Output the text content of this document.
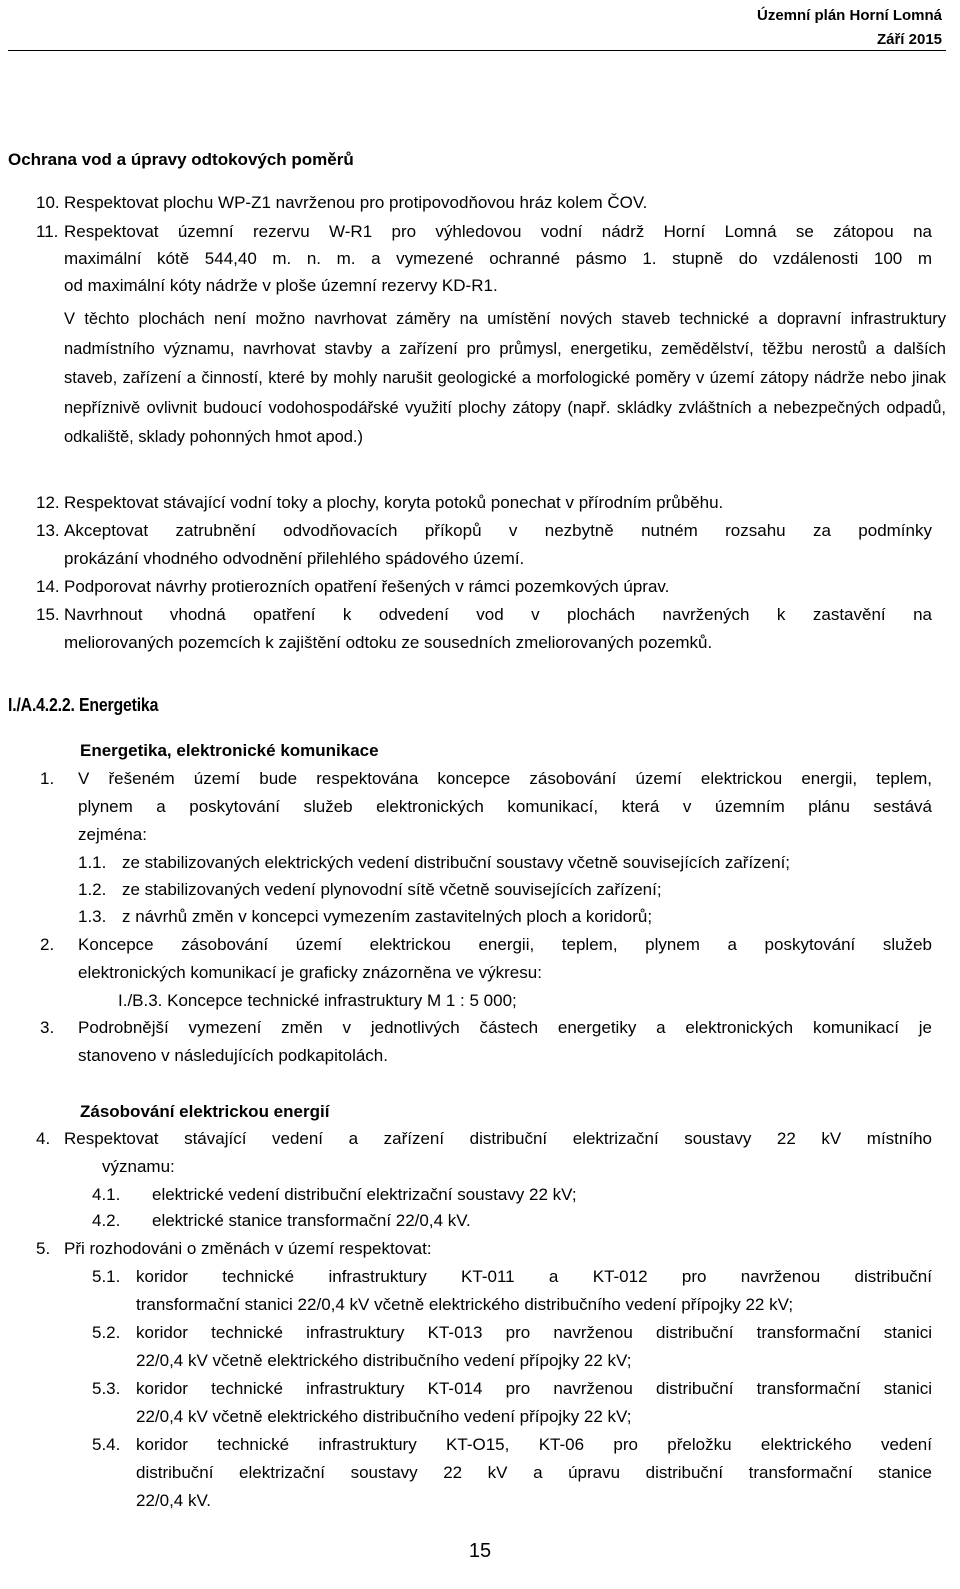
Územní plán Horní Lomná
Září 2015
Ochrana vod a úpravy odtokových poměrů
10. Respektovat plochu WP-Z1 navrženou pro protipovodňovou hráz kolem ČOV.
11. Respektovat územní rezervu W-R1 pro výhledovou vodní nádrž Horní Lomná se zátopou na
maximální kótě 544,40 m. n. m. a vymezené ochranné pásmo 1. stupně do vzdálenosti 100 m
od maximální kóty nádrže v ploše územní rezervy KD-R1.
V těchto plochách není možno navrhovat záměry na umístění nových staveb technické a dopravní infrastruktury nadmístního významu, navrhovat stavby a zařízení pro průmysl, energetiku, zemědělství, těžbu nerostů a dalších staveb, zařízení a činností, které by mohly narušit geologické a morfologické poměry v území zátopy nádrže nebo jinak nepříznivě ovlivnit budoucí vodohospodářské využití plochy zátopy (např. skládky zvláštních a nebezpečných odpadů, odkaliště, sklady pohonných hmot apod.)
12. Respektovat stávající vodní toky a plochy, koryta potoků ponechat v přírodním průběhu.
13. Akceptovat zatrubnění odvodňovacích příkopů v nezbytně nutném rozsahu za podmínky
prokázání vhodného odvodnění přilehlého spádového území.
14. Podporovat návrhy protierozních opatření řešených v rámci pozemkových úprav.
15. Navrhnout vhodná opatření k odvedení vod v plochách navržených k zastavění na
meliorovaných pozemcích k zajištění odtoku ze sousedních zmeliorovaných pozemků.
I./A.4.2.2. Energetika
Energetika, elektronické komunikace
1. V řešeném území bude respektována koncepce zásobování území elektrickou energii, teplem,
plynem a poskytování služeb elektronických komunikací, která v územním plánu sestává
zejména:
1.1. ze stabilizovaných elektrických vedení distribuční soustavy včetně souvisejících zařízení;
1.2. ze stabilizovaných vedení plynovodní sítě včetně souvisejících zařízení;
1.3. z návrhů změn v koncepci vymezením zastavitelných ploch a koridorů;
2. Koncepce zásobování území elektrickou energii, teplem, plynem a poskytování služeb
elektronických komunikací je graficky znázorněna ve výkresu:
I./B.3. Koncepce technické infrastruktury M 1 : 5 000;
3. Podrobnější vymezení změn v jednotlivých částech energetiky a elektronických komunikací je
stanoveno v následujících podkapitolách.
Zásobování elektrickou energií
4. Respektovat stávající vedení a zařízení distribuční elektrizační soustavy 22 kV místního
významu:
4.1. elektrické vedení distribuční elektrizační soustavy 22 kV;
4.2. elektrické stanice transformační 22/0,4 kV.
5. Při rozhodováni o změnách v území respektovat:
5.1. koridor technické infrastruktury KT-011 a KT-012 pro navrženou distribuční
transformační stanici 22/0,4 kV včetně elektrického distribučního vedení přípojky 22 kV;
5.2. koridor technické infrastruktury KT-013 pro navrženou distribuční transformační stanici
22/0,4 kV včetně elektrického distribučního vedení přípojky 22 kV;
5.3. koridor technické infrastruktury KT-014 pro navrženou distribuční transformační stanici
22/0,4 kV včetně elektrického distribučního vedení přípojky 22 kV;
5.4. koridor technické infrastruktury KT-O15, KT-06 pro přeložku elektrického vedení
distribuční elektrizační soustavy 22 kV a úpravu distribuční transformační stanice
22/0,4 kV.
15
